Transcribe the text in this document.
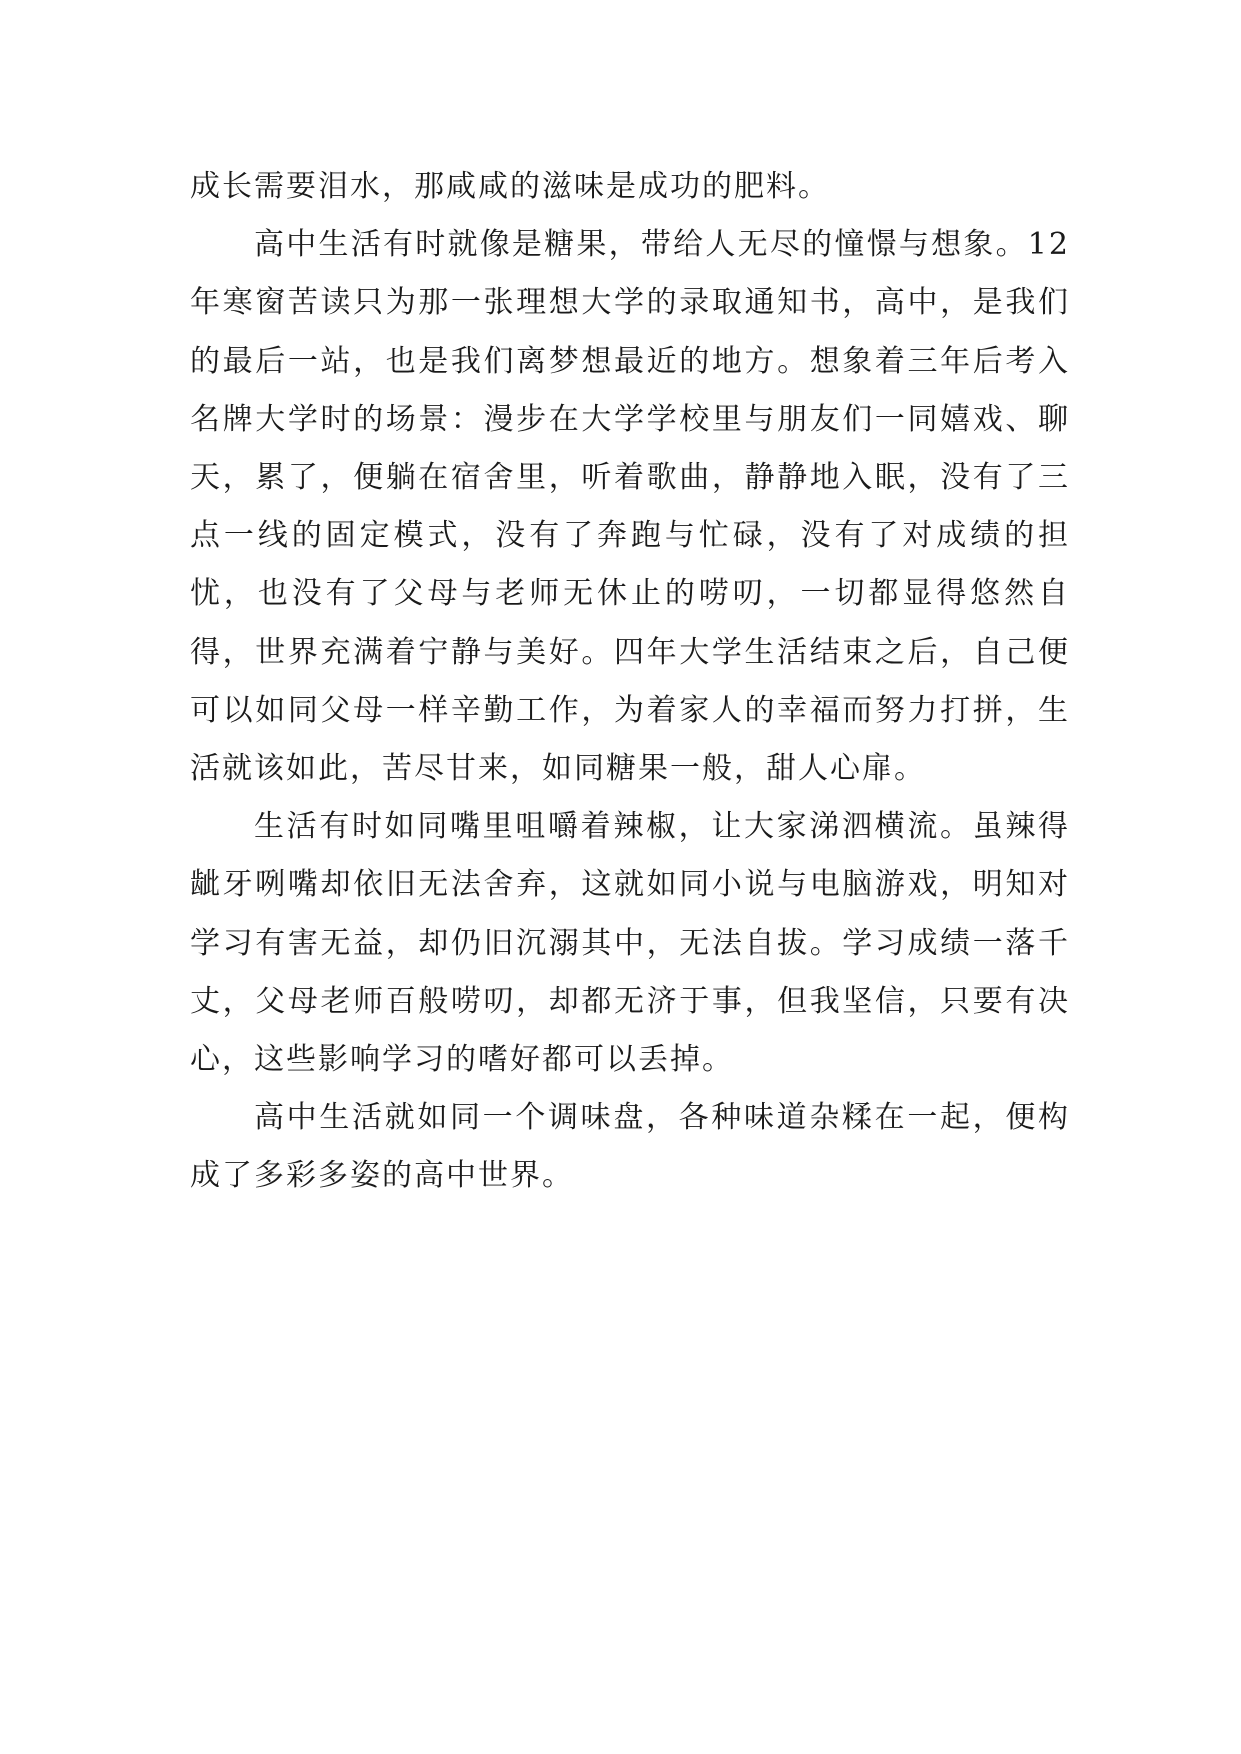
成长需要泪水，那咸咸的滋味是成功的肥料。

高中生活有时就像是糖果，带给人无尽的憧憬与想象。12 年寒窗苦读只为那一张理想大学的录取通知书，高中，是我们的最后一站，也是我们离梦想最近的地方。想象着三年后考入名牌大学时的场景：漫步在大学学校里与朋友们一同嬉戏、聊天，累了，便躺在宿舍里，听着歌曲，静静地入眠，没有了三点一线的固定模式，没有了奔跑与忙碌，没有了对成绩的担忧，也没有了父母与老师无休止的唠叨，一切都显得悠然自得，世界充满着宁静与美好。四年大学生活结束之后，自己便可以如同父母一样辛勤工作，为着家人的幸福而努力打拼，生活就该如此，苦尽甘来，如同糖果一般，甜人心扉。

生活有时如同嘴里咀嚼着辣椒，让大家涕泗横流。虽辣得龇牙咧嘴却依旧无法舍弃，这就如同小说与电脑游戏，明知对学习有害无益，却仍旧沉溺其中，无法自拔。学习成绩一落千丈，父母老师百般唠叨，却都无济于事，但我坚信，只要有决心，这些影响学习的嗜好都可以丢掉。

高中生活就如同一个调味盘，各种味道杂糅在一起，便构成了多彩多姿的高中世界。
